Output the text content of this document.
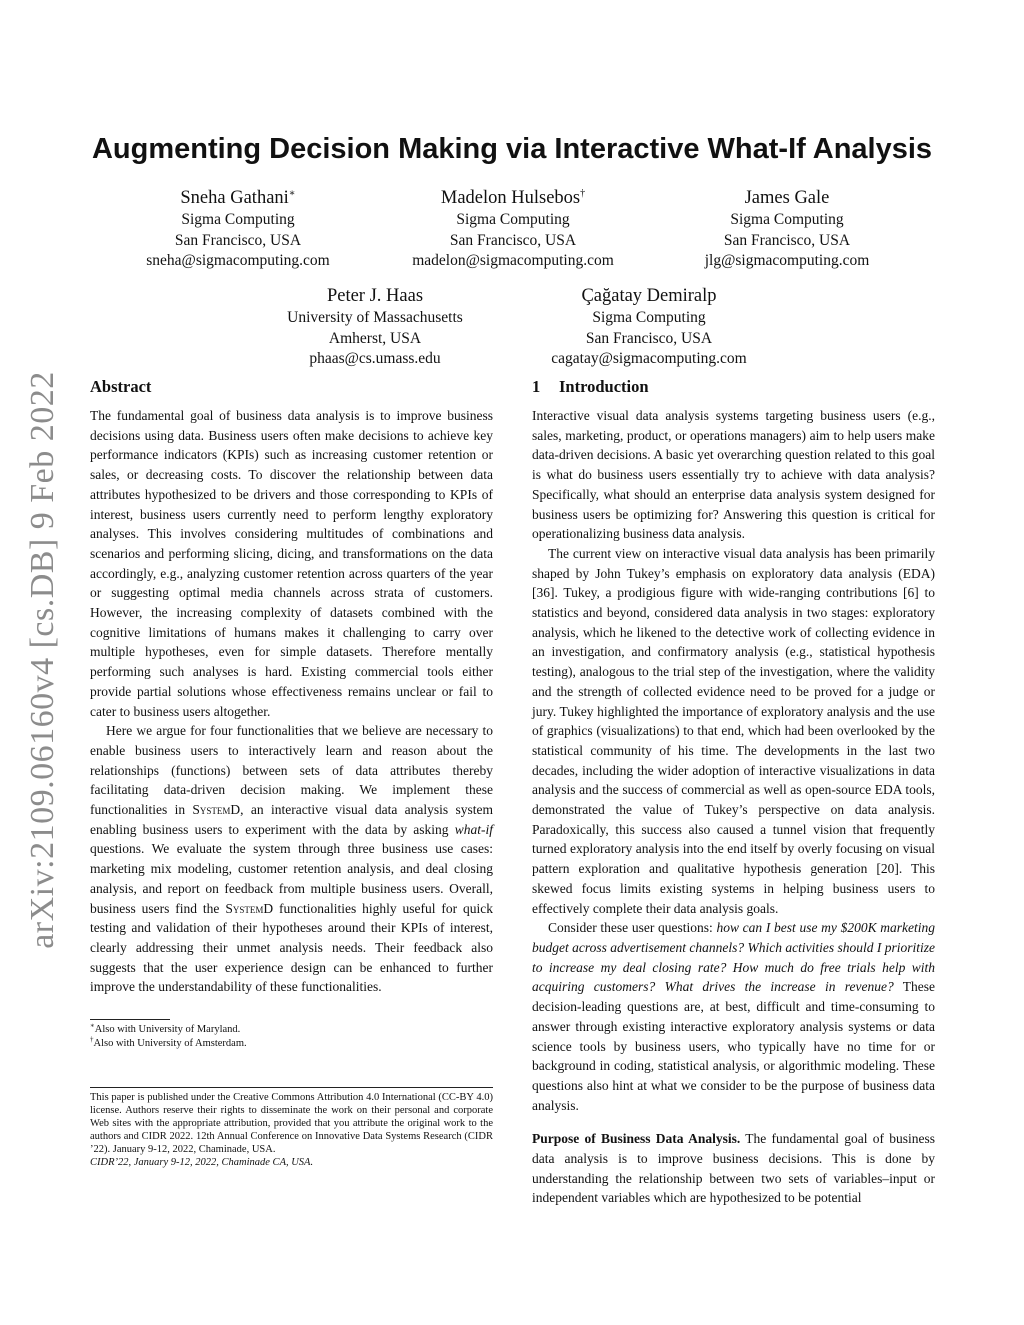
arXiv:2109.06160v4 [cs.DB] 9 Feb 2022
Augmenting Decision Making via Interactive What-If Analysis
Sneha Gathani∗
Sigma Computing
San Francisco, USA
sneha@sigmacomputing.com
Madelon Hulsebos†
Sigma Computing
San Francisco, USA
madelon@sigmacomputing.com
James Gale
Sigma Computing
San Francisco, USA
jlg@sigmacomputing.com
Peter J. Haas
University of Massachusetts
Amherst, USA
phaas@cs.umass.edu
Çağatay Demiralp
Sigma Computing
San Francisco, USA
cagatay@sigmacomputing.com
Abstract

The fundamental goal of business data analysis is to improve business decisions using data. Business users often make decisions to achieve key performance indicators (KPIs) such as increasing customer retention or sales, or decreasing costs. To discover the relationship between data attributes hypothesized to be drivers and those corresponding to KPIs of interest, business users currently need to perform lengthy exploratory analyses. This involves considering multitudes of combinations and scenarios and performing slicing, dicing, and transformations on the data accordingly, e.g., analyzing customer retention across quarters of the year or suggesting optimal media channels across strata of customers. However, the increasing complexity of datasets combined with the cognitive limitations of humans makes it challenging to carry over multiple hypotheses, even for simple datasets. Therefore mentally performing such analyses is hard. Existing commercial tools either provide partial solutions whose effectiveness remains unclear or fail to cater to business users altogether.

Here we argue for four functionalities that we believe are necessary to enable business users to interactively learn and reason about the relationships (functions) between sets of data attributes thereby facilitating data-driven decision making. We implement these functionalities in SystemD, an interactive visual data analysis system enabling business users to experiment with the data by asking what-if questions. We evaluate the system through three business use cases: marketing mix modeling, customer retention analysis, and deal closing analysis, and report on feedback from multiple business users. Overall, business users find the SystemD functionalities highly useful for quick testing and validation of their hypotheses around their KPIs of interest, clearly addressing their unmet analysis needs. Their feedback also suggests that the user experience design can be enhanced to further improve the understandability of these functionalities.

∗Also with University of Maryland.
†Also with University of Amsterdam.

This paper is published under the Creative Commons Attribution 4.0 International (CC-BY 4.0) license. Authors reserve their rights to disseminate the work on their personal and corporate Web sites with the appropriate attribution, provided that you attribute the original work to the authors and CIDR 2022. 12th Annual Conference on Innovative Data Systems Research (CIDR ’22). January 9-12, 2022, Chaminade, USA.

CIDR’22, January 9-12, 2022, Chaminade CA, USA.

1 Introduction

Interactive visual data analysis systems targeting business users (e.g., sales, marketing, product, or operations managers) aim to help users make data-driven decisions. A basic yet overarching question related to this goal is what do business users essentially try to achieve with data analysis? Specifically, what should an enterprise data analysis system designed for business users be optimizing for? Answering this question is critical for operationalizing business data analysis.

The current view on interactive visual data analysis has been primarily shaped by John Tukey’s emphasis on exploratory data analysis (EDA) [36]. Tukey, a prodigious figure with wide-ranging contributions [6] to statistics and beyond, considered data analysis in two stages: exploratory analysis, which he likened to the detective work of collecting evidence in an investigation, and confirmatory analysis (e.g., statistical hypothesis testing), analogous to the trial step of the investigation, where the validity and the strength of collected evidence need to be proved for a judge or jury. Tukey highlighted the importance of exploratory analysis and the use of graphics (visualizations) to that end, which had been overlooked by the statistical community of his time. The developments in the last two decades, including the wider adoption of interactive visualizations in data analysis and the success of commercial as well as open-source EDA tools, demonstrated the value of Tukey’s perspective on data analysis. Paradoxically, this success also caused a tunnel vision that frequently turned exploratory analysis into the end itself by overly focusing on visual pattern exploration and qualitative hypothesis generation [20]. This skewed focus limits existing systems in helping business users to effectively complete their data analysis goals.

Consider these user questions: how can I best use my $200K marketing budget across advertisement channels? Which activities should I prioritize to increase my deal closing rate? How much do free trials help with acquiring customers? What drives the increase in revenue? These decision-leading questions are, at best, difficult and time-consuming to answer through existing interactive exploratory analysis systems or data science tools by business users, who typically have no time for or background in coding, statistical analysis, or algorithmic modeling. These questions also hint at what we consider to be the purpose of business data analysis.

Purpose of Business Data Analysis. The fundamental goal of business data analysis is to improve business decisions. This is done by understanding the relationship between two sets of variables–input or independent variables which are hypothesized to be potential
